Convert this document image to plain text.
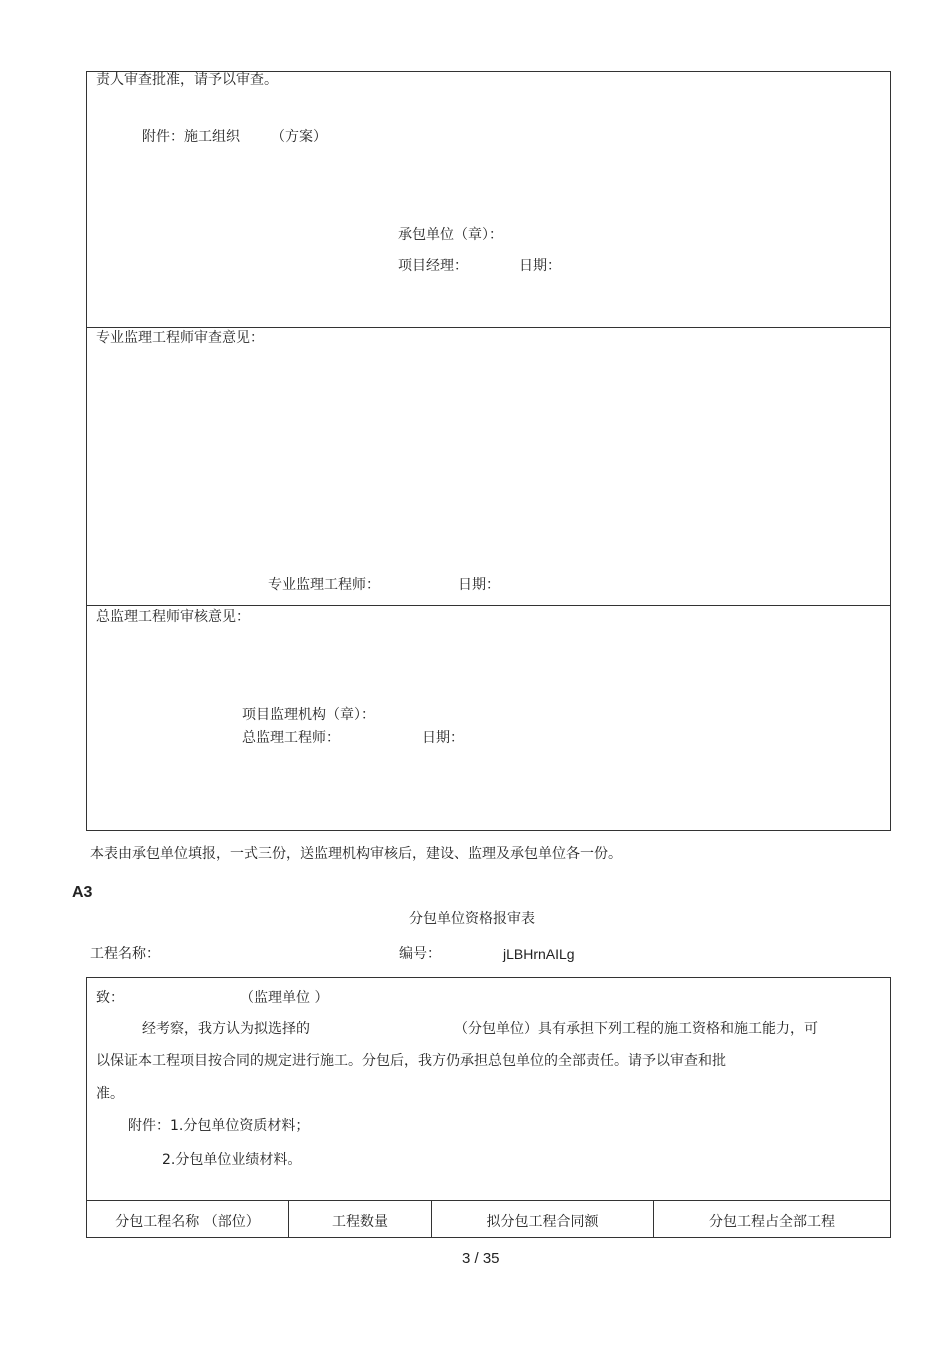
责人审查批准，请予以审查。
附件：施工组织 （方案）
承包单位（章）：
项目经理：	日期：
专业监理工程师审查意见：
专业监理工程师：	日期：
总监理工程师审核意见：
项目监理机构（章）：
总监理工程师：	日期：
本表由承包单位填报，一式三份，送监理机构审核后，建设、监理及承包单位各一份。
A3
分包单位资格报审表
工程名称：	编号：	jLBHrnAILg
致：	（监理单位 ）
经考察，我方认为拟选择的	（分包单位）具有承担下列工程的施工资格和施工能力，可
以保证本工程项目按合同的规定进行施工。分包后，我方仍承担总包单位的全部责任。请予以审查和批
准。
附件：1.分包单位资质材料；
2.分包单位业绩材料。
分包工程名称 （部位）	工程数量	拟分包工程合同额	分包工程占全部工程
3 / 35
